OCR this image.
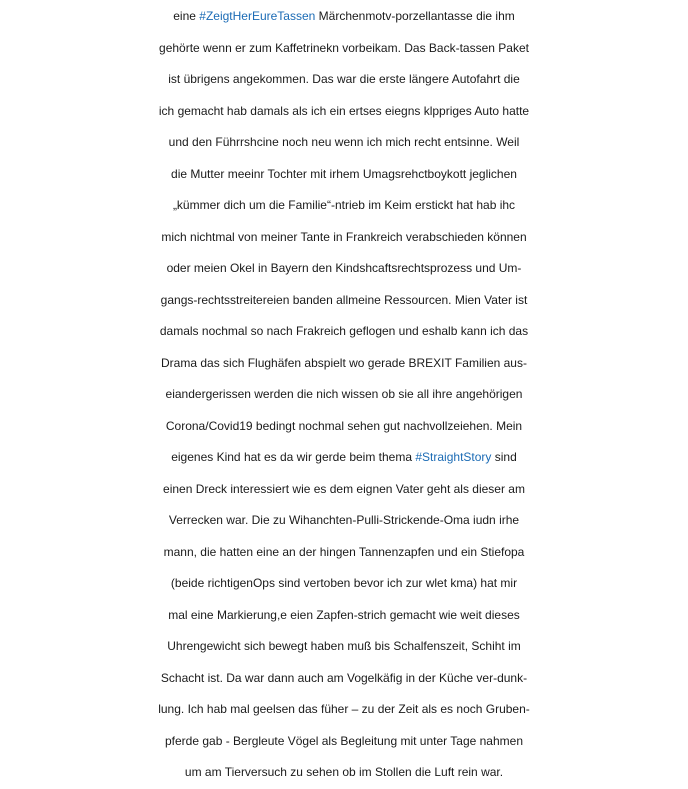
eine #ZeigtHerEureTassen Märchenmotv-porzellantasse die ihm
gehörte wenn er zum Kaffetrinekn vorbeikam. Das Back-tassen Paket
ist übrigens angekommen. Das war die erste längere Autofahrt die
ich gemacht hab damals als ich ein ertses eiegns klppriges Auto hatte
und den Führrshcine noch neu wenn ich mich recht entsinne. Weil
die Mutter meeinr Tochter mit irhem Umagsrehctboykott jeglichen
„kümmer dich um die Familie“-ntrieb im Keim erstickt hat hab ihc
mich nichtmal von meiner Tante in Frankreich verabschieden können
oder meien Okel in Bayern den Kindshcaftsrechtsprozess und Um-
gangs-rechtsstreitereien banden allmeine Ressourcen. Mien Vater ist
damals nochmal so nach Frakreich geflogen und eshalb kann ich das
Drama das sich Flughäfen abspielt wo gerade BREXIT Familien aus-
eiandergerissen werden die nich wissen ob sie all ihre angehörigen
Corona/Covid19 bedingt nochmal sehen gut nachvollzeiehen. Mein
eigenes Kind hat es da wir gerde beim thema #StraightStory sind
einen Dreck interessiert wie es dem eignen Vater geht als dieser am
Verrecken war. Die zu Wihanchten-Pulli-Strickende-Oma iudn irhe
mann, die hatten eine an der hingen Tannenzapfen und ein Stiefopa
(beide richtigenOps sind vertoben bevor ich zur wlet kma) hat mir
mal eine Markierung,e eien Zapfen-strich gemacht wie weit dieses
Uhrengewicht sich bewegt haben muß bis Schalfenszeit, Schiht im
Schacht ist. Da war dann auch am Vogelkäfig in der Küche ver-dunk-
lung. Ich hab mal geelsen das füher – zu der Zeit als es noch Gruben-
pferde gab - Bergleute Vögel als Begleitung mit unter Tage nahmen
um am Tierversuch zu sehen ob im Stollen die Luft rein war.
